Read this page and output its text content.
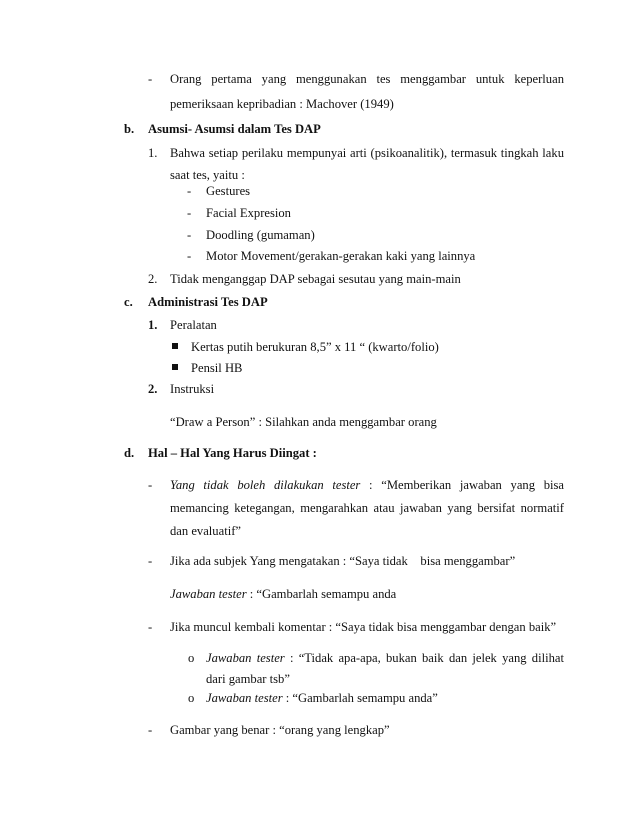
- Orang pertama yang menggunakan tes menggambar untuk keperluan
pemeriksaan kepribadian : Machover (1949)
b. Asumsi- Asumsi dalam Tes DAP
1. Bahwa setiap perilaku mempunyai arti (psikoanalitik), termasuk tingkah laku
saat tes, yaitu :
- Gestures
- Facial Expresion
- Doodling (gumaman)
- Motor Movement/gerakan-gerakan kaki yang lainnya
2. Tidak menganggap DAP sebagai sesutau yang main-main
c. Administrasi Tes DAP
1. Peralatan
Kertas putih berukuran 8,5” x 11 “ (kwarto/folio)
Pensil HB
2. Instruksi
“Draw a Person” : Silahkan anda menggambar orang
d. Hal – Hal Yang Harus Diingat :
- Yang tidak boleh dilakukan tester : “Memberikan jawaban yang bisa
memancing ketegangan, mengarahkan atau jawaban yang bersifat normatif
dan evaluatif”
- Jika ada subjek Yang mengatakan : “Saya tidak    bisa menggambar”
Jawaban tester : “Gambarlah semampu anda
- Jika muncul kembali komentar : “Saya tidak bisa menggambar dengan baik”
o Jawaban tester : “Tidak apa-apa, bukan baik dan jelek yang dilihat
dari gambar tsb”
o Jawaban tester : “Gambarlah semampu anda”
- Gambar yang benar : “orang yang lengkap”
